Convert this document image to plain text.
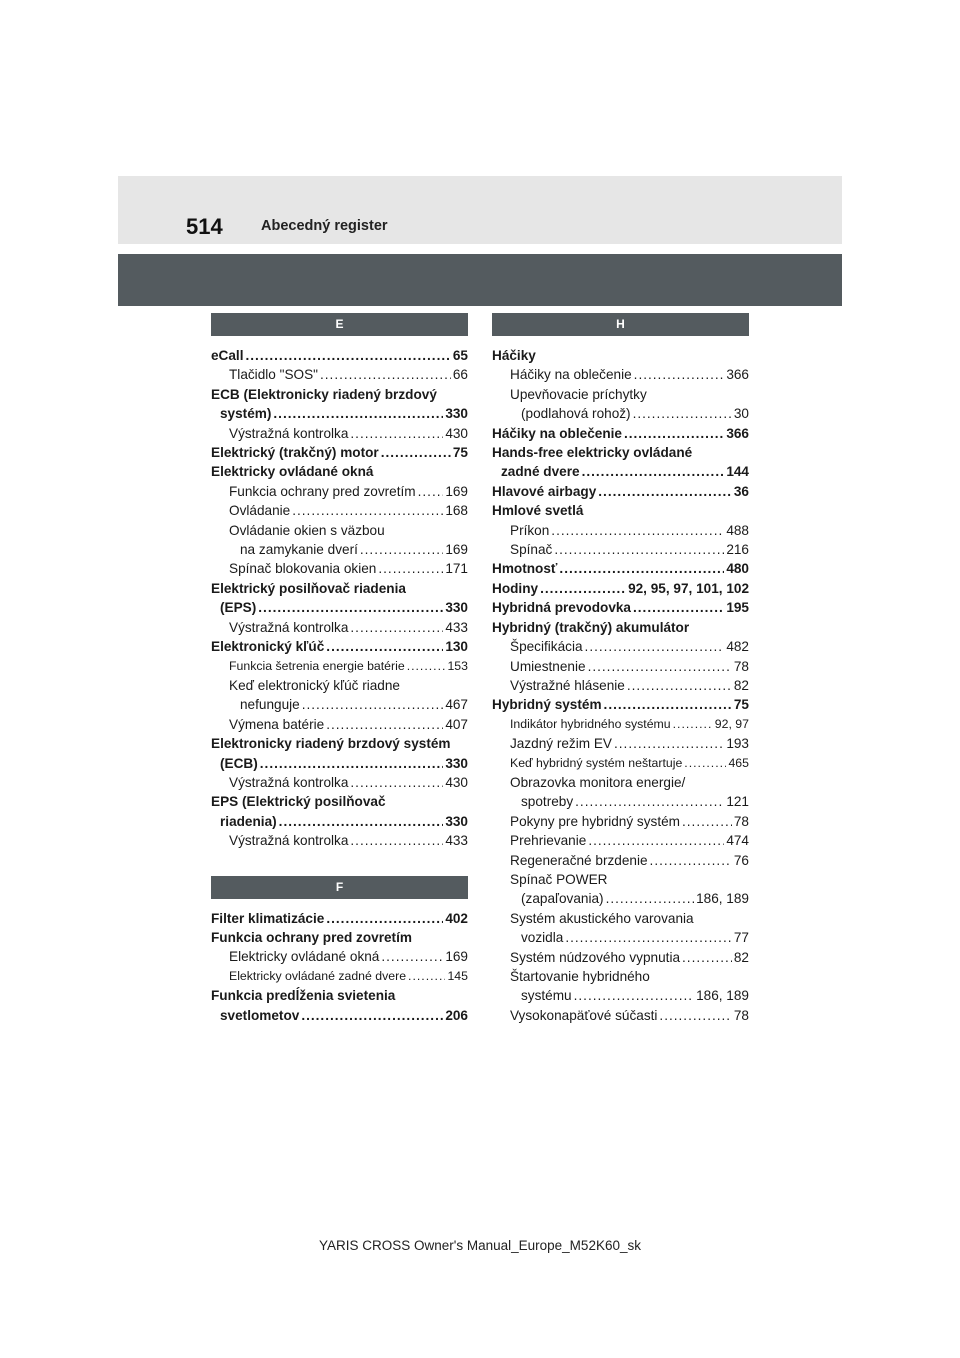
514	Abecedný register
E
eCall .....	65
Tlačidlo "SOS" .....	66
ECB (Elektronicky riadený brzdový
systém) .....	330
Výstražná kontrolka .....	430
Elektrický (trakčný) motor .....	75
Elektricky ovládané okná
Funkcia ochrany pred zovretím ..... 169
Ovládanie .....	168
Ovládanie okien s väzbou
na zamykanie dverí .....	169
Spínač blokovania okien .....	171
Elektrický posilňovač riadenia
(EPS) .....	330
Výstražná kontrolka .....	433
Elektronický kľúč .....	130
Funkcia šetrenia energie batérie .....	153
Keď elektronický kľúč riadne
nefunguje .....	467
Výmena batérie .....	407
Elektronicky riadený brzdový systém
(ECB) .....	330
Výstražná kontrolka .....	430
EPS (Elektrický posilňovač
riadenia) .....	330
Výstražná kontrolka .....	433
F
Filter klimatizácie .....	402
Funkcia ochrany pred zovretím
Elektricky ovládané okná .....	169
Elektricky ovládané zadné dvere .....	145
Funkcia predĺženia svietenia
svetlometov .....	206
H
Háčiky
Háčiky na oblečenie .....	366
Upevňovacie príchytky
(podlahová rohož) .....	30
Háčiky na oblečenie .....	366
Hands-free elektricky ovládané
zadné dvere .....	144
Hlavové airbagy .....	36
Hmlové svetlá
Príkon .....	488
Spínač .....	216
Hmotnosť .....	480
Hodiny .....	92, 95, 97, 101, 102
Hybridná prevodovka .....	195
Hybridný (trakčný) akumulátor
Špecifikácia .....	482
Umiestnenie .....	78
Výstražné hlásenie .....	82
Hybridný systém .....	75
Indikátor hybridného systému .....	92, 97
Jazdný režim EV .....	193
Keď hybridný systém neštartuje .....	465
Obrazovka monitora energie/
spotreby .....	121
Pokyny pre hybridný systém .....	78
Prehrievanie .....	474
Regeneračné brzdenie .....	76
Spínač POWER
(zapaľovania) .....	186, 189
Systém akustického varovania
vozidla .....	77
Systém núdzového vypnutia .....	82
Štartovanie hybridného
systému .....	186, 189
Vysokonapäťové súčasti .....	78
YARIS CROSS Owner's Manual_Europe_M52K60_sk
